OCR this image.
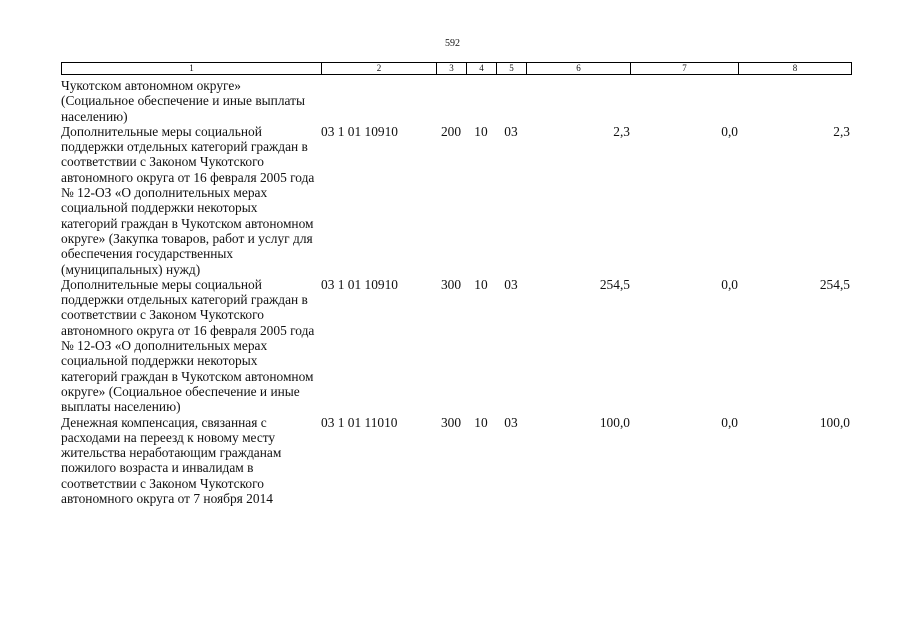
592
1	2	3	4	5	6	7	8
Чукотском автономном округе» (Социальное обеспечение и иные выплаты населению)
Дополнительные меры социальной поддержки отдельных категорий граждан в соответствии с Законом Чукотского автономного округа от 16 февраля 2005 года № 12-ОЗ «О дополнительных мерах социальной поддержки некоторых категорий граждан в Чукотском автономном округе» (Закупка товаров, работ и услуг для обеспечения государственных (муниципальных) нужд)
03 1 01 10910	200 10	03	2,3	0,0	2,3
Дополнительные меры социальной поддержки отдельных категорий граждан в соответствии с Законом Чукотского автономного округа от 16 февраля 2005 года № 12-ОЗ «О дополнительных мерах социальной поддержки некоторых категорий граждан в Чукотском автономном округе» (Социальное обеспечение и иные выплаты населению)
03 1 01 10910	300 10	03	254,5	0,0	254,5
Денежная компенсация, связанная с расходами на переезд к новому месту жительства неработающим гражданам пожилого возраста и инвалидам в соответствии с Законом Чукотского автономного округа от 7 ноября 2014
03 1 01 11010	300 10	03	100,0	0,0	100,0
